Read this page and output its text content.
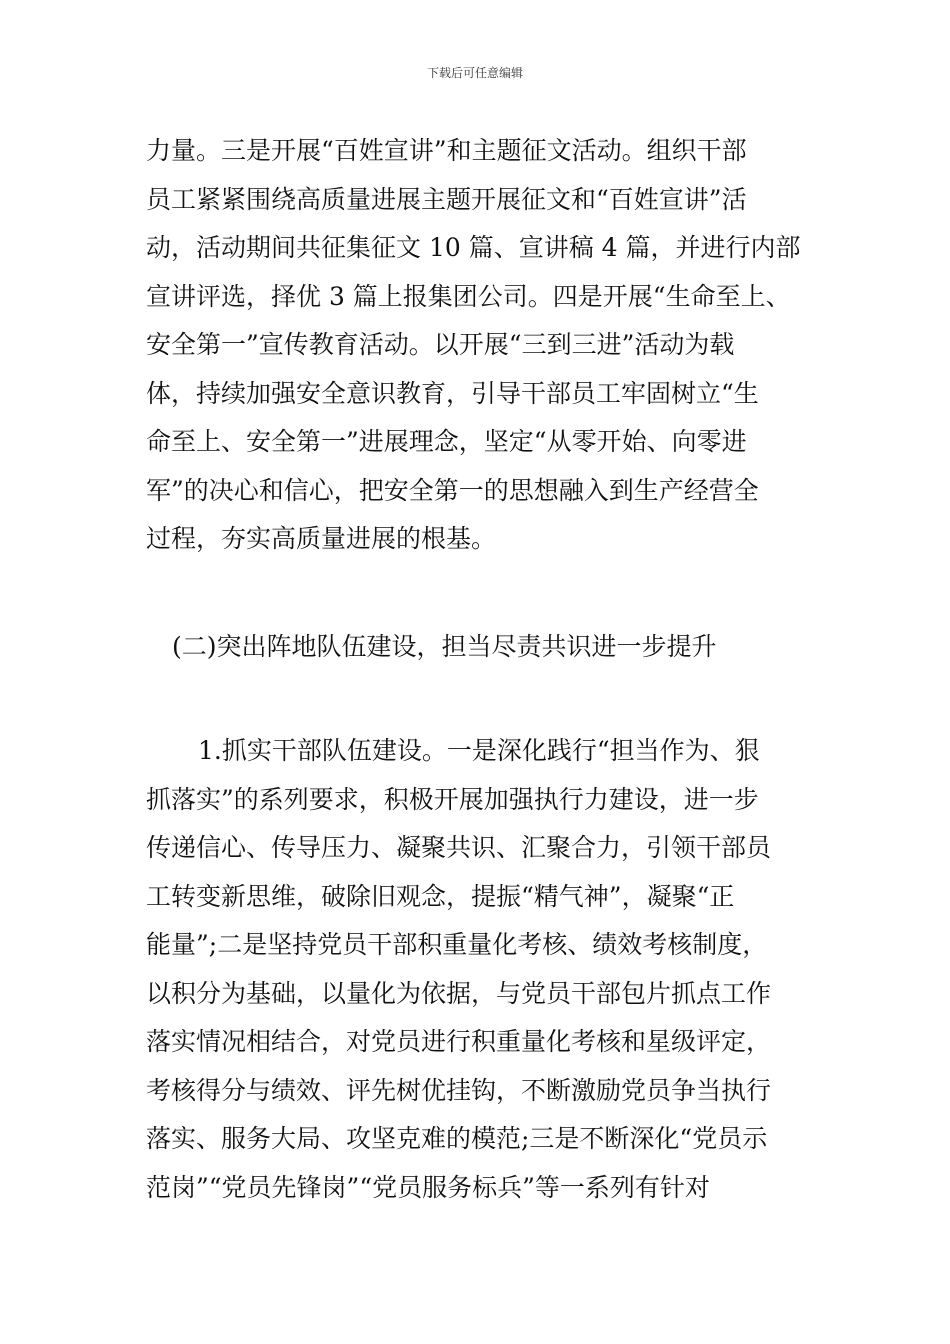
下载后可任意编辑
力量。三是开展“百姓宣讲”和主题征文活动。组织干部
员工紧紧围绕高质量进展主题开展征文和“百姓宣讲”活
动，活动期间共征集征文 10 篇、宣讲稿 4 篇，并进行内部
宣讲评选，择优 3 篇上报集团公司。四是开展“生命至上、
安全第一”宣传教育活动。以开展“三到三进”活动为载
体，持续加强安全意识教育，引导干部员工牢固树立“生
命至上、安全第一”进展理念，坚定“从零开始、向零进
军”的决心和信心，把安全第一的思想融入到生产经营全
过程，夯实高质量进展的根基。
(二)突出阵地队伍建设，担当尽责共识进一步提升
1.抓实干部队伍建设。一是深化践行“担当作为、狠
抓落实”的系列要求，积极开展加强执行力建设，进一步
传递信心、传导压力、凝聚共识、汇聚合力，引领干部员
工转变新思维，破除旧观念，提振“精气神”，凝聚“正
能量”;二是坚持党员干部积重量化考核、绩效考核制度，
以积分为基础，以量化为依据，与党员干部包片抓点工作
落实情况相结合，对党员进行积重量化考核和星级评定，
考核得分与绩效、评先树优挂钩，不断激励党员争当执行
落实、服务大局、攻坚克难的模范;三是不断深化“党员示
范岗”“党员先锋岗”“党员服务标兵”等一系列有针对
